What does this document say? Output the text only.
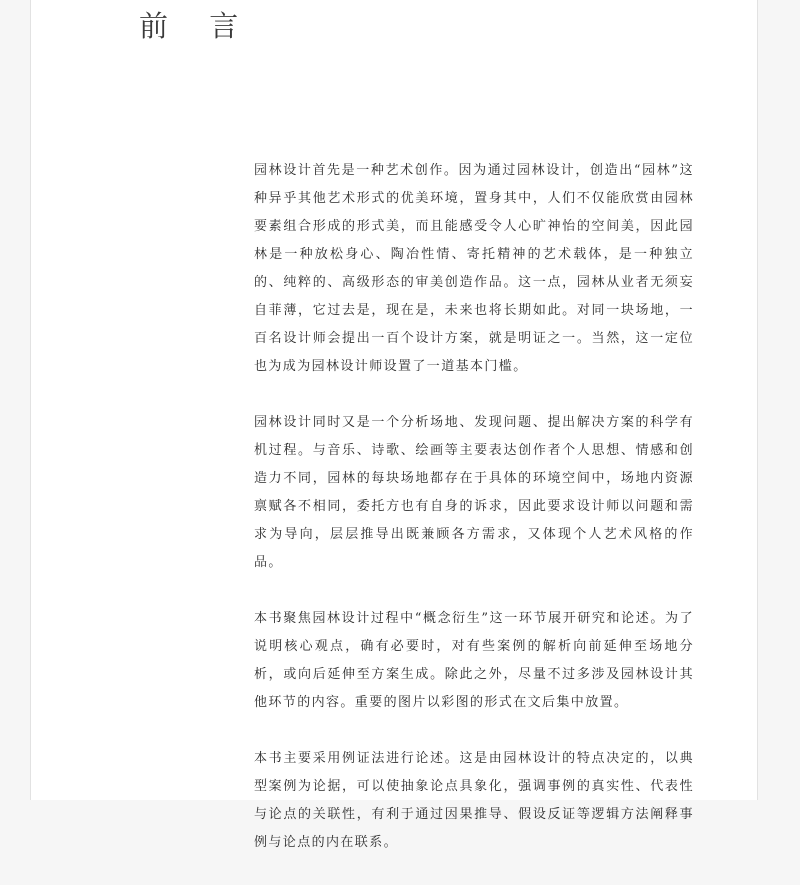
前 言

园林设计首先是一种艺术创作。因为通过园林设计，创造出“园林”这种异乎其他艺术形式的优美环境，置身其中，人们不仅能欣赏由园林要素组合形成的形式美，而且能感受令人心旷神怡的空间美，因此园林是一种放松身心、陶冶性情、寄托精神的艺术载体，是一种独立的、纯粹的、高级形态的审美创造作品。这一点，园林从业者无须妄自菲薄，它过去是，现在是，未来也将长期如此。对同一块场地，一百名设计师会提出一百个设计方案，就是明证之一。当然，这一定位也为成为园林设计师设置了一道基本门槛。

园林设计同时又是一个分析场地、发现问题、提出解决方案的科学有机过程。与音乐、诗歌、绘画等主要表达创作者个人思想、情感和创造力不同，园林的每块场地都存在于具体的环境空间中，场地内资源禀赋各不相同，委托方也有自身的诉求，因此要求设计师以问题和需求为导向，层层推导出既兼顾各方需求，又体现个人艺术风格的作品。

本书聚焦园林设计过程中“概念衍生”这一环节展开研究和论述。为了说明核心观点，确有必要时，对有些案例的解析向前延伸至场地分析，或向后延伸至方案生成。除此之外，尽量不过多涉及园林设计其他环节的内容。重要的图片以彩图的形式在文后集中放置。

本书主要采用例证法进行论述。这是由园林设计的特点决定的，以典型案例为论据，可以使抽象论点具象化，强调事例的真实性、代表性与论点的关联性，有利于通过因果推导、假设反证等逻辑方法阐释事例与论点的内在联系。
